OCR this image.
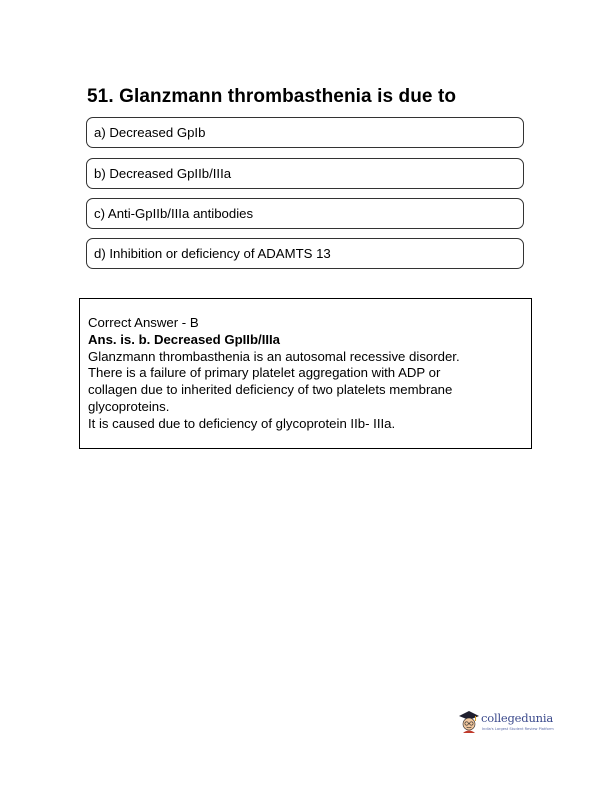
51. Glanzmann thrombasthenia is due to
a) Decreased GpIb
b) Decreased GpIIb/IIIa
c) Anti-GpIIb/IIIa antibodies
d) Inhibition or deficiency of ADAMTS 13
Correct Answer - B
Ans. is. b. Decreased GpIIb/IIIa
Glanzmann thrombasthenia is an autosomal recessive disorder.
There is a failure of primary platelet aggregation with ADP or
collagen due to inherited deficiency of two platelets membrane
glycoproteins.
It is caused due to deficiency of glycoprotein IIb- IIIa.
collegedunia
India's Largest Student Review Platform
